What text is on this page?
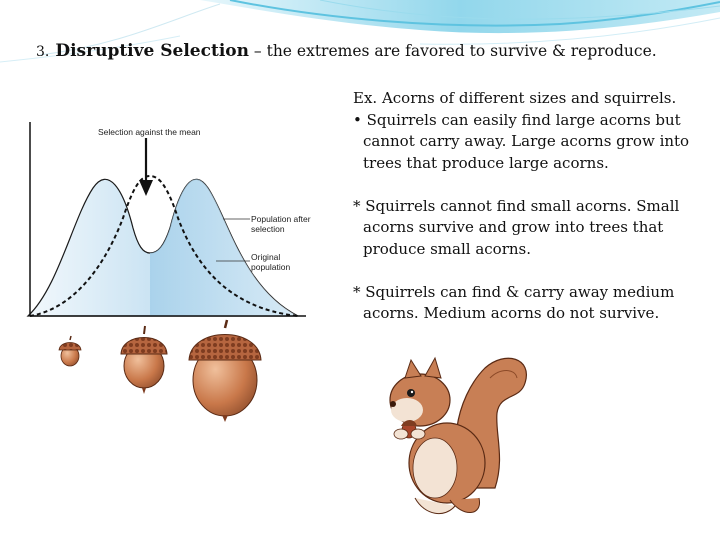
3. Disruptive Selection – the extremes are favored to survive & reproduce.
Selection against the mean
Population after selection
Original population

Ex. Acorns of different sizes and squirrels.

• Squirrels can easily find large acorns but

cannot carry away. Large acorns grow into

trees that produce large acorns.

* Squirrels cannot find small acorns. Small

acorns survive and grow into trees that

produce small acorns.

* Squirrels can find & carry away medium

acorns. Medium acorns do not survive.
